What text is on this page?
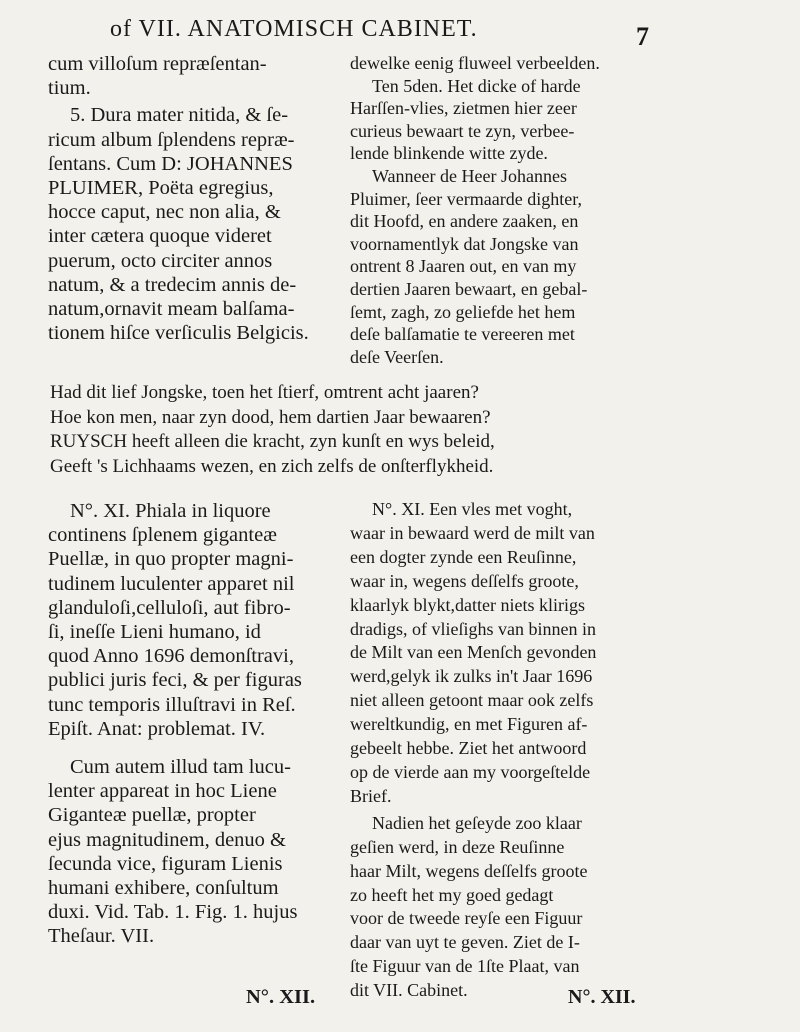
of VII. ANATOMISCH CABINET.	7
cum villoſum repræſentan-
tium.
5. Dura mater nitida, & ſe-
ricum album ſplendens repræ-
ſentans. Cum D: JOHANNES
PLUIMER, Poëta egregius,
hocce caput, nec non alia, &
inter cætera quoque videret
puerum, octo circiter annos
natum, & a tredecim annis de-
natum,ornavit meam balſama-
tionem hiſce verſiculis Belgicis.
dewelke eenig fluweel verbeelden.
Ten 5den. Het dicke of harde
Harſſen-vlies, zietmen hier zeer
curieus bewaart te zyn, verbee-
lende blinkende witte zyde.
Wanneer de Heer Johannes
Pluimer, ſeer vermaarde dighter,
dit Hoofd, en andere zaaken, en
voornamentlyk dat Jongske van
ontrent 8 Jaaren out, en van my
dertien Jaaren bewaart, en gebal-
ſemt, zagh, zo geliefde het hem
deſe balſamatie te vereeren met
deſe Veerſen.
Had dit lief Jongske, toen het ſtierf, omtrent acht jaaren?
Hoe kon men, naar zyn dood, hem dartien Jaar bewaaren?
RUYSCH heeft alleen die kracht, zyn kunſt en wys beleid,
Geeft 's Lichhaams wezen, en zich zelfs de onſterflykheid.
N°. XI. Phiala in liquore
continens ſplenem giganteæ
Puellæ, in quo propter magni-
tudinem luculenter apparet nil
glanduloſi,celluloſi, aut fibro-
ſi, ineſſe Lieni humano, id
quod Anno 1696 demonſtravi,
publici juris feci, & per figuras
tunc temporis illuſtravi in Reſ.
Epiſt. Anat: problemat. IV.
Cum autem illud tam lucu-
lenter appareat in hoc Liene
Giganteæ puellæ, propter
ejus magnitudinem, denuo &
ſecunda vice, figuram Lienis
humani exhibere, conſultum
duxi. Vid. Tab. 1. Fig. 1. hujus
Theſaur. VII.
N°. XI. Een vles met voght,
waar in bewaard werd de milt van
een dogter zynde een Reuſinne,
waar in, wegens deſſelfs groote,
klaarlyk blykt,datter niets klirigs
dradigs, of vlieſighs van binnen in
de Milt van een Menſch gevonden
werd,gelyk ik zulks in't Jaar 1696
niet alleen getoont maar ook zelfs
wereltkundig, en met Figuren af-
gebeelt hebbe. Ziet het antwoord
op de vierde aan my voorgeſtelde
Brief.
Nadien het geſeyde zoo klaar
geſien werd, in deze Reuſinne
haar Milt, wegens deſſelfs groote
zo heeft het my goed gedagt
voor de tweede reyſe een Figuur
daar van uyt te geven. Ziet de I-
ſte Figuur van de 1ſte Plaat, van
dit VII. Cabinet.
N°. XII.	N°. XII.
